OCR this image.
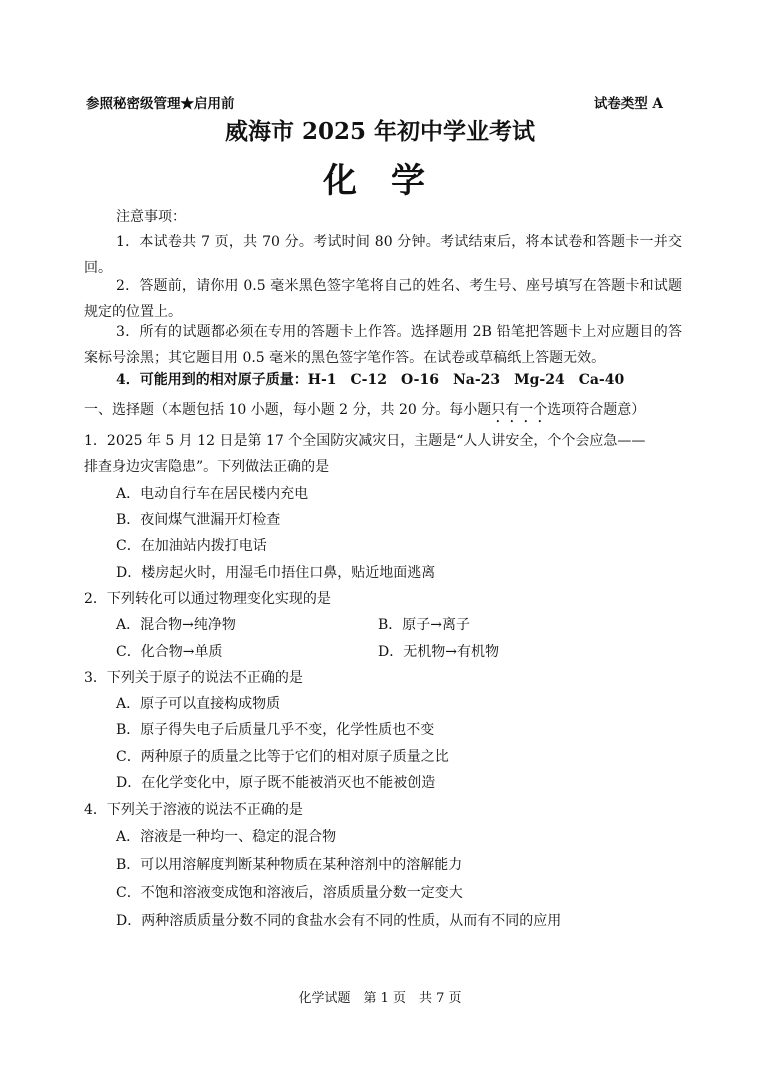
参照秘密级管理★启用前	试卷类型 A
威海市 2025 年初中学业考试
化学
注意事项：
1．本试卷共 7 页，共 70 分。考试时间 80 分钟。考试结束后，将本试卷和答题卡一并交回。
2．答题前，请你用 0.5 毫米黑色签字笔将自己的姓名、考生号、座号填写在答题卡和试题规定的位置上。
3．所有的试题都必须在专用的答题卡上作答。选择题用 2B 铅笔把答题卡上对应题目的答案标号涂黑；其它题目用 0.5 毫米的黑色签字笔作答。在试卷或草稿纸上答题无效。
4．可能用到的相对原子质量：H-1　C-12　O-16　Na-23　Mg-24　Ca-40
一、选择题（本题包括 10 小题，每小题 2 分，共 20 分。每小题只有一个选项符合题意）
1．2025 年 5 月 12 日是第 17 个全国防灾减灾日，主题是“人人讲安全，个个会应急——
排查身边灾害隐患”。下列做法正确的是
A．电动自行车在居民楼内充电
B．夜间煤气泄漏开灯检查
C．在加油站内拨打电话
D．楼房起火时，用湿毛巾捂住口鼻，贴近地面逃离
2．下列转化可以通过物理变化实现的是
A．混合物→纯净物	B．原子→离子
C．化合物→单质	D．无机物→有机物
3．下列关于原子的说法不正确的是
A．原子可以直接构成物质
B．原子得失电子后质量几乎不变，化学性质也不变
C．两种原子的质量之比等于它们的相对原子质量之比
D．在化学变化中，原子既不能被消灭也不能被创造
4．下列关于溶液的说法不正确的是
A．溶液是一种均一、稳定的混合物
B．可以用溶解度判断某种物质在某种溶剂中的溶解能力
C．不饱和溶液变成饱和溶液后，溶质质量分数一定变大
D．两种溶质质量分数不同的食盐水会有不同的性质，从而有不同的应用
化学试题　第 1 页　共 7 页
